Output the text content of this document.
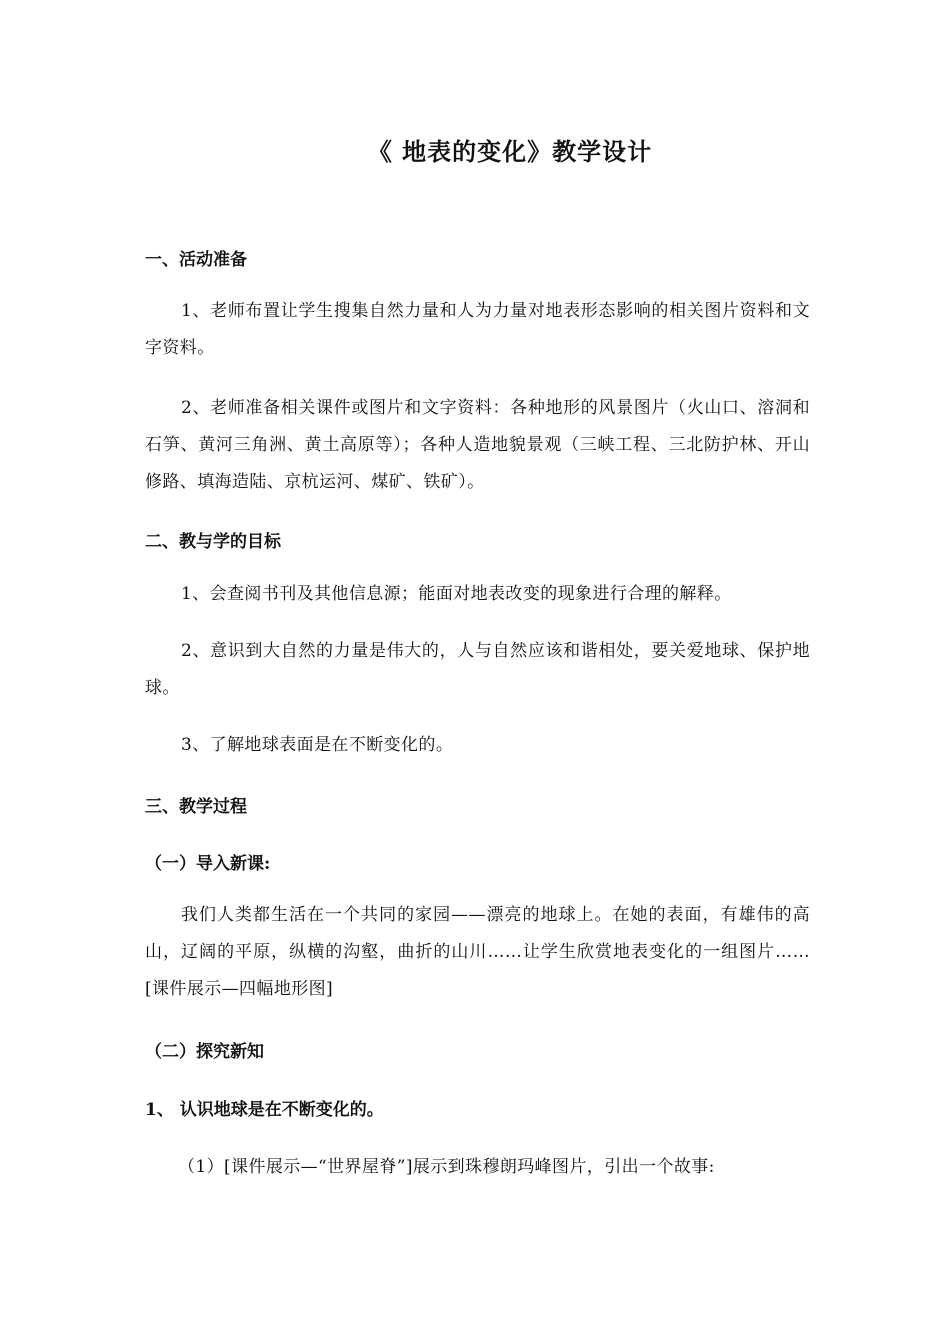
《 地表的变化》教学设计
一、活动准备
1、老师布置让学生搜集自然力量和人为力量对地表形态影响的相关图片资料和文字资料。
2、老师准备相关课件或图片和文字资料：各种地形的风景图片（火山口、溶洞和石笋、黄河三角洲、黄土高原等）；各种人造地貌景观（三峡工程、三北防护林、开山修路、填海造陆、京杭运河、煤矿、铁矿）。
二、教与学的目标
1、会查阅书刊及其他信息源；能面对地表改变的现象进行合理的解释。
2、意识到大自然的力量是伟大的，人与自然应该和谐相处，要关爱地球、保护地球。
3、了解地球表面是在不断变化的。
三、教学过程
（一）导入新课:
我们人类都生活在一个共同的家园——漂亮的地球上。在她的表面，有雄伟的高山，辽阔的平原，纵横的沟壑，曲折的山川……让学生欣赏地表变化的一组图片……[课件展示—四幅地形图]
（二）探究新知
1、 认识地球是在不断变化的。
（1）[课件展示—“世界屋脊”]展示到珠穆朗玛峰图片，引出一个故事:
